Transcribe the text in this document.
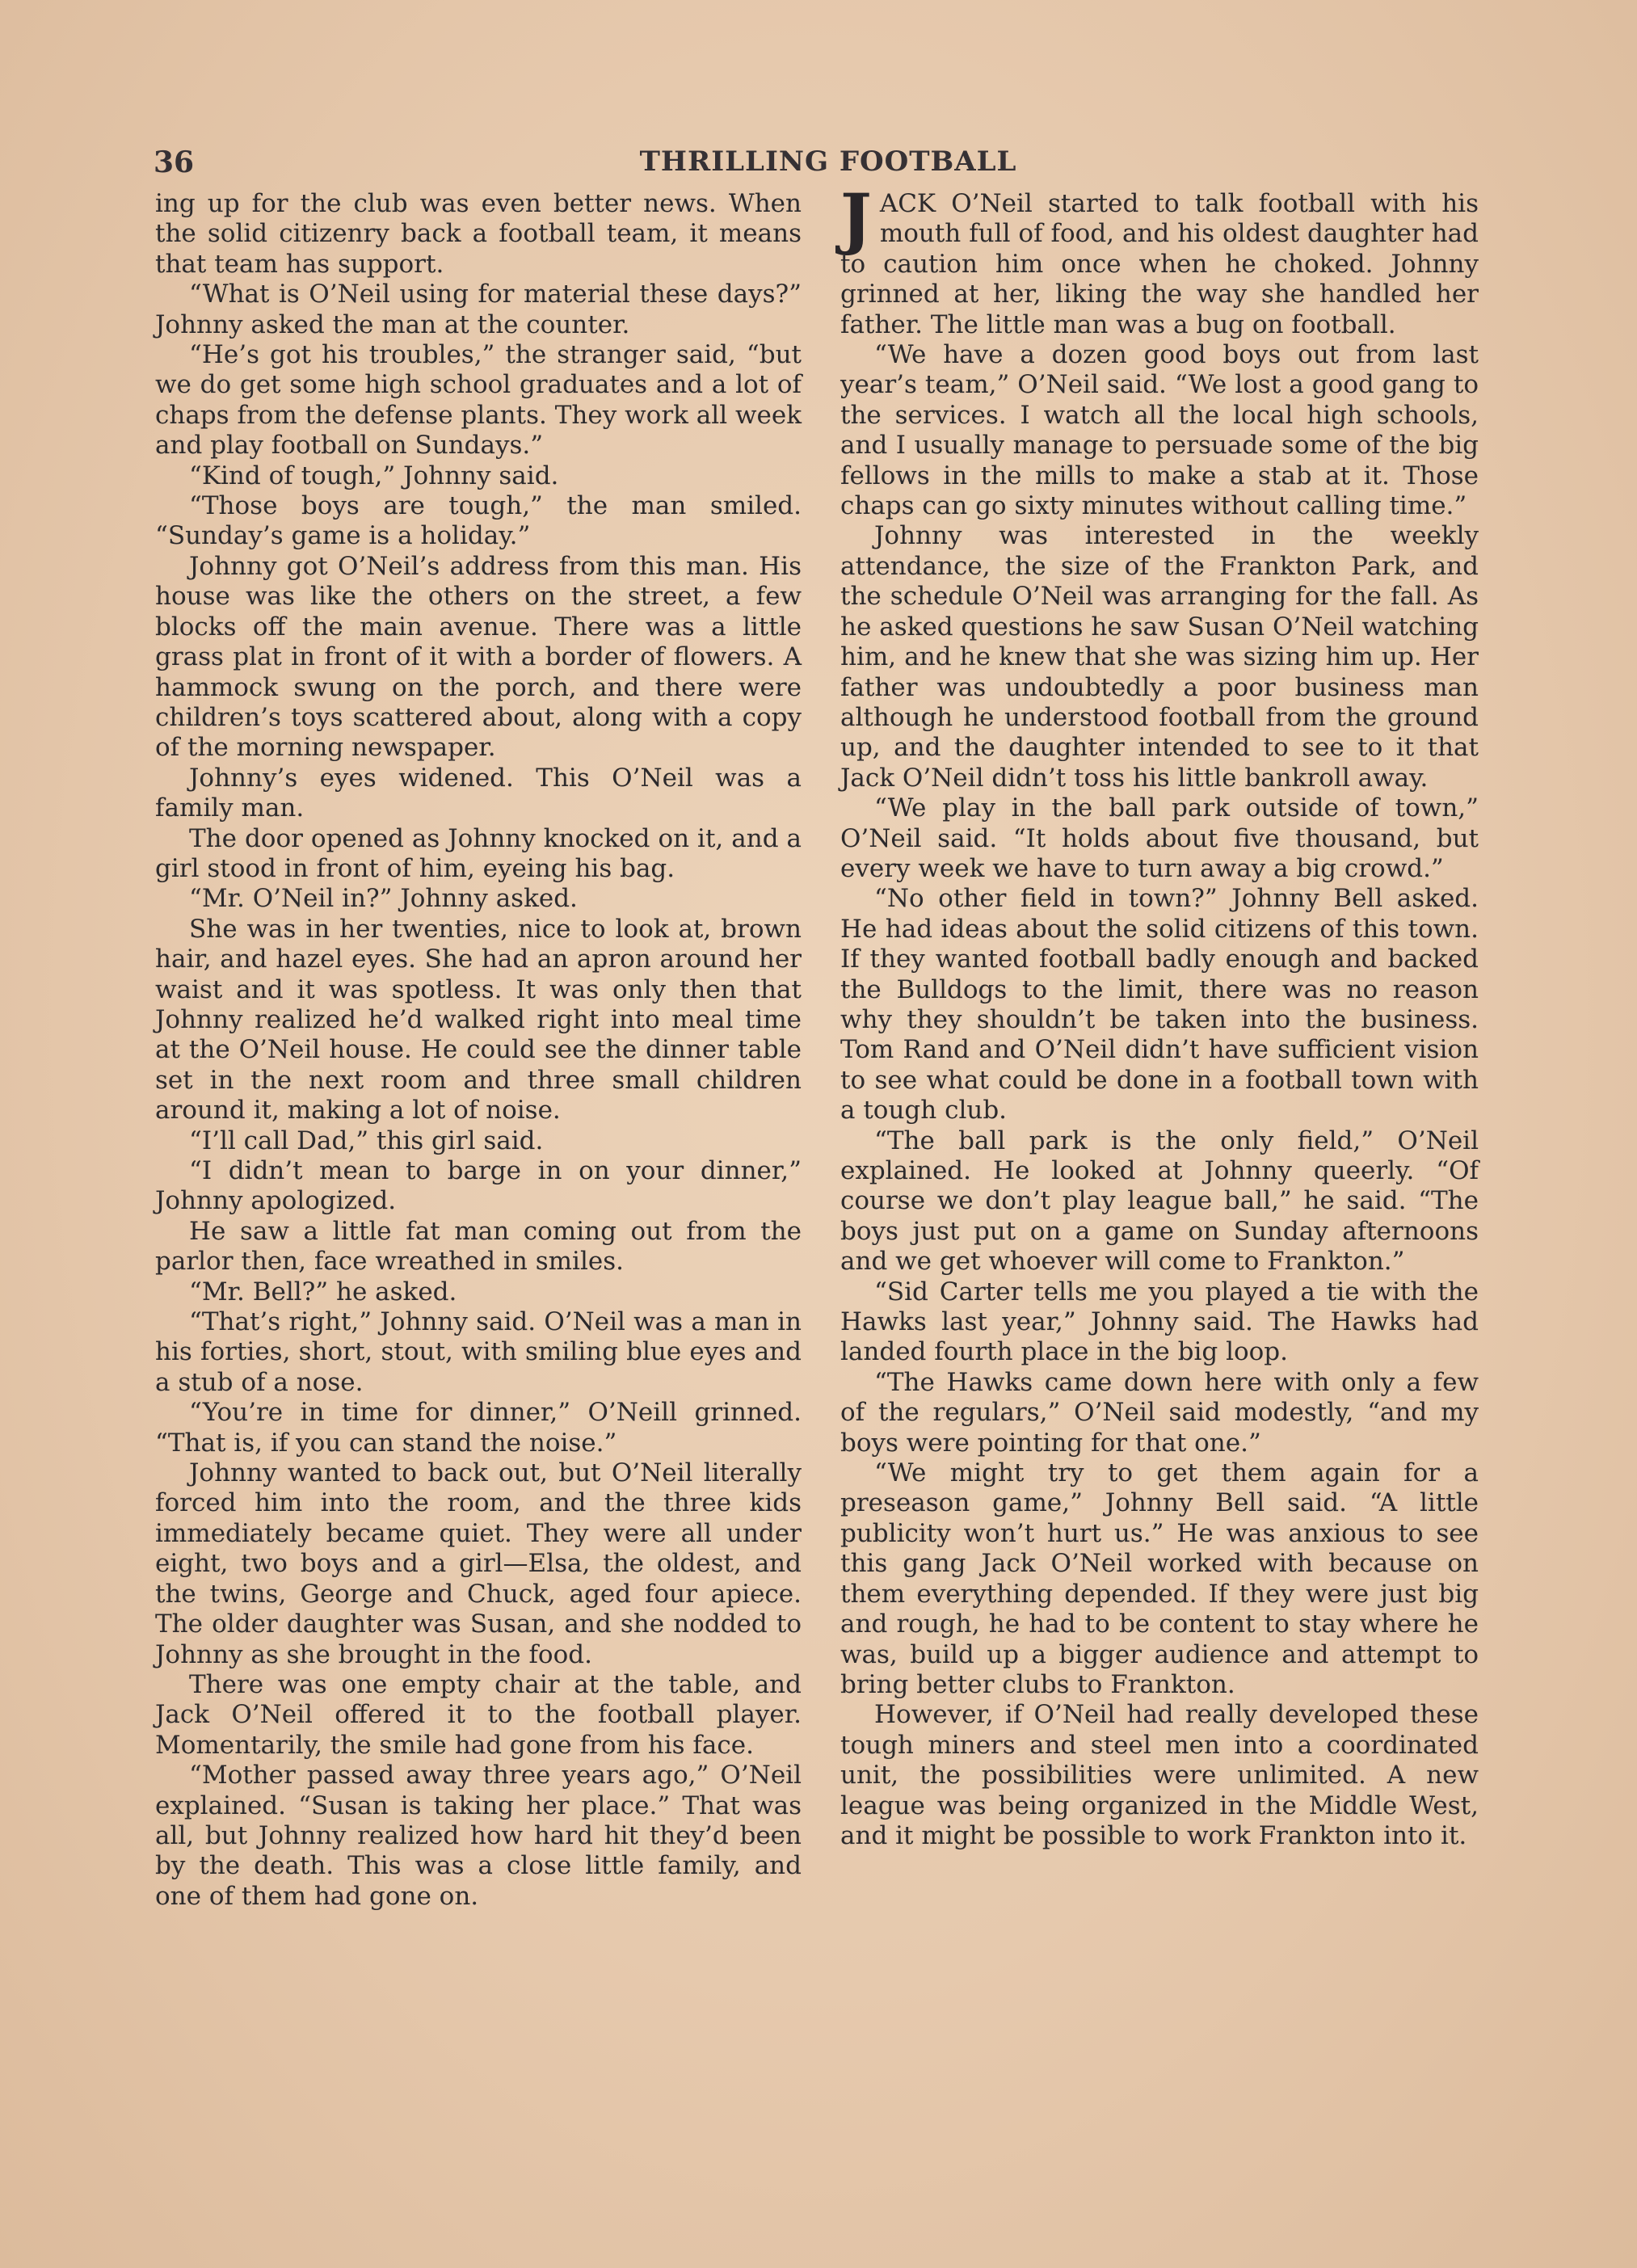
36	THRILLING FOOTBALL

ing up for the club was even better news. When the solid citizenry back a football team, it means that team has support.

“What is O’Neil using for material these days?” Johnny asked the man at the counter.

“He’s got his troubles,” the stranger said, “but we do get some high school graduates and a lot of chaps from the defense plants. They work all week and play football on Sundays.”

“Kind of tough,” Johnny said.

“Those boys are tough,” the man smiled. “Sunday’s game is a holiday.”

Johnny got O’Neil’s address from this man. His house was like the others on the street, a few blocks off the main avenue. There was a little grass plat in front of it with a border of flowers. A hammock swung on the porch, and there were children’s toys scattered about, along with a copy of the morning newspaper.

Johnny’s eyes widened. This O’Neil was a family man.

The door opened as Johnny knocked on it, and a girl stood in front of him, eyeing his bag.

“Mr. O’Neil in?” Johnny asked.

She was in her twenties, nice to look at, brown hair, and hazel eyes. She had an apron around her waist and it was spotless. It was only then that Johnny realized he’d walked right into meal time at the O’Neil house. He could see the dinner table set in the next room and three small children around it, making a lot of noise.

“I’ll call Dad,” this girl said.

“I didn’t mean to barge in on your dinner,” Johnny apologized.

He saw a little fat man coming out from the parlor then, face wreathed in smiles.

“Mr. Bell?” he asked.

“That’s right,” Johnny said. O’Neil was a man in his forties, short, stout, with smiling blue eyes and a stub of a nose.

“You’re in time for dinner,” O’Neill grinned. “That is, if you can stand the noise.”

Johnny wanted to back out, but O’Neil literally forced him into the room, and the three kids immediately became quiet. They were all under eight, two boys and a girl—Elsa, the oldest, and the twins, George and Chuck, aged four apiece. The older daughter was Susan, and she nodded to Johnny as she brought in the food.

There was one empty chair at the table, and Jack O’Neil offered it to the football player. Momentarily, the smile had gone from his face.

“Mother passed away three years ago,” O’Neil explained. “Susan is taking her place.” That was all, but Johnny realized how hard hit they’d been by the death. This was a close little family, and one of them had gone on.

JACK O’Neil started to talk football with his mouth full of food, and his oldest daughter had to caution him once when he choked. Johnny grinned at her, liking the way she handled her father. The little man was a bug on football.

“We have a dozen good boys out from last year’s team,” O’Neil said. “We lost a good gang to the services. I watch all the local high schools, and I usually manage to persuade some of the big fellows in the mills to make a stab at it. Those chaps can go sixty minutes without calling time.”

Johnny was interested in the weekly attendance, the size of the Frankton Park, and the schedule O’Neil was arranging for the fall. As he asked questions he saw Susan O’Neil watching him, and he knew that she was sizing him up. Her father was undoubtedly a poor business man although he understood football from the ground up, and the daughter intended to see to it that Jack O’Neil didn’t toss his little bankroll away.

“We play in the ball park outside of town,” O’Neil said. “It holds about five thousand, but every week we have to turn away a big crowd.”

“No other field in town?” Johnny Bell asked. He had ideas about the solid citizens of this town. If they wanted football badly enough and backed the Bulldogs to the limit, there was no reason why they shouldn’t be taken into the business. Tom Rand and O’Neil didn’t have sufficient vision to see what could be done in a football town with a tough club.

“The ball park is the only field,” O’Neil explained. He looked at Johnny queerly. “Of course we don’t play league ball,” he said. “The boys just put on a game on Sunday afternoons and we get whoever will come to Frankton.”

“Sid Carter tells me you played a tie with the Hawks last year,” Johnny said. The Hawks had landed fourth place in the big loop.

“The Hawks came down here with only a few of the regulars,” O’Neil said modestly, “and my boys were pointing for that one.”

“We might try to get them again for a preseason game,” Johnny Bell said. “A little publicity won’t hurt us.” He was anxious to see this gang Jack O’Neil worked with because on them everything depended. If they were just big and rough, he had to be content to stay where he was, build up a bigger audience and attempt to bring better clubs to Frankton.

However, if O’Neil had really developed these tough miners and steel men into a coordinated unit, the possibilities were unlimited. A new league was being organized in the Middle West, and it might be possible to work Frankton into it.
